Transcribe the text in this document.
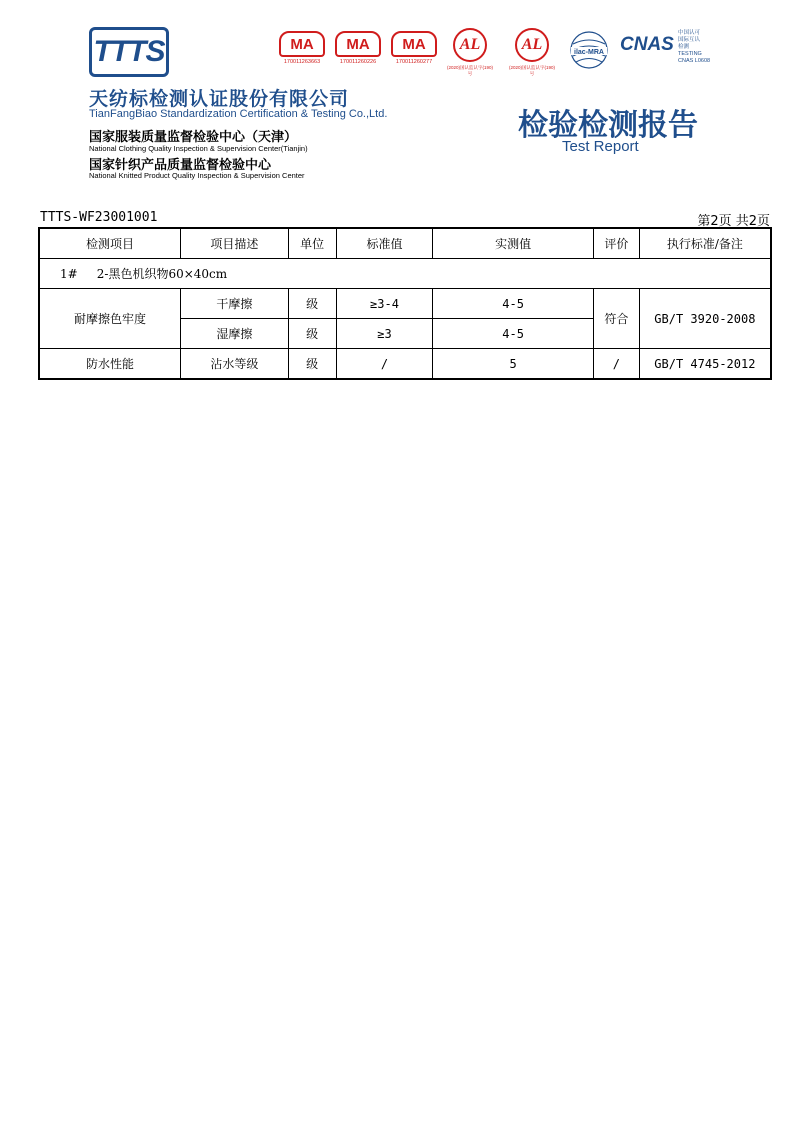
TTTS
天纺标检测认证股份有限公司
TianFangBiao Standardization Certification & Testing Co.,Ltd.
国家服装质量监督检验中心（天津）
National Clothing Quality Inspection & Supervision Center(Tianjin)
国家针织产品质量监督检验中心
National Knitted Product Quality Inspection & Supervision Center
MA
170011263663
MA
170011260226
MA
170011260277
AL
(2020)国认监认字(190)号
AL
(2020)国认监认字(190)号
ilac-MRA CNAS
中国认可
国际互认
检测
TESTING
CNAS L0608
检验检测报告
Test Report
TTTS-WF23001001	第2页 共2页
检测项目	项目描述	单位	标准值	实测值	评价	执行标准/备注
1#     2-黑色机织物60×40cm						
耐摩擦色牢度	干摩擦	级	≥3-4	4-5	符合	GB/T 3920-2008
	湿摩擦	级	≥3	4-5		
防水性能	沾水等级	级	/	5	/	GB/T 4745-2012
